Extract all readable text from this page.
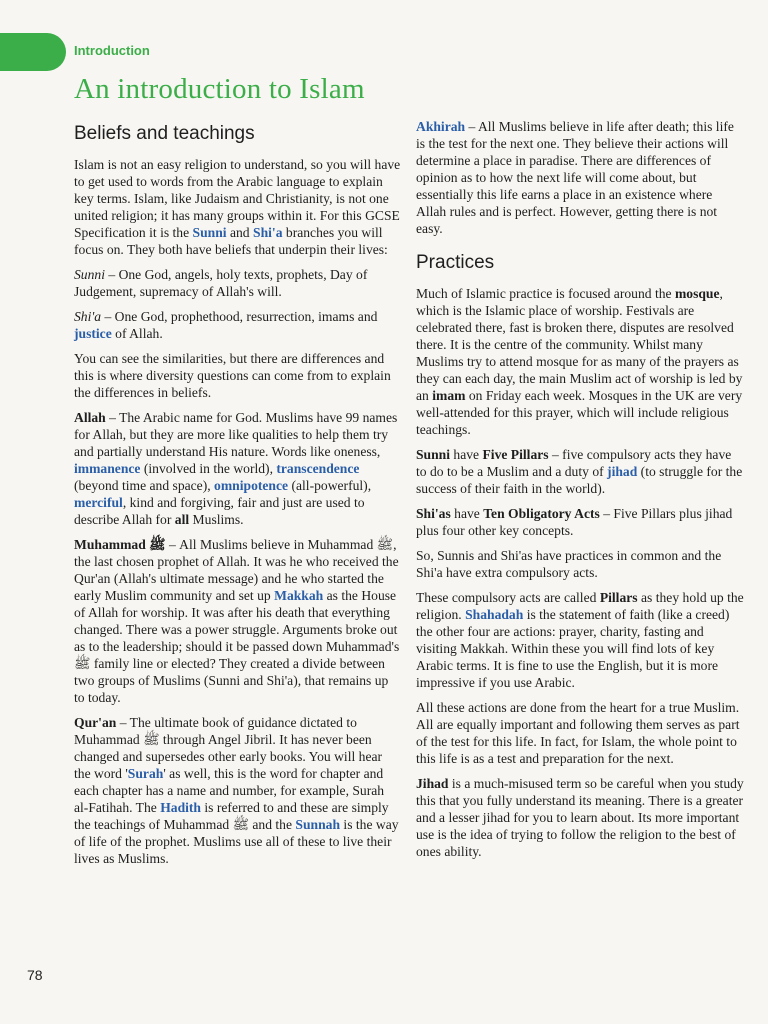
Introduction
An introduction to Islam
Beliefs and teachings

Islam is not an easy religion to understand, so you will have to get used to words from the Arabic language to explain key terms. Islam, like Judaism and Christianity, is not one united religion; it has many groups within it. For this GCSE Specification it is the Sunni and Shi'a branches you will focus on. They both have beliefs that underpin their lives:

Sunni – One God, angels, holy texts, prophets, Day of Judgement, supremacy of Allah's will.

Shi'a – One God, prophethood, resurrection, imams and justice of Allah.

You can see the similarities, but there are differences and this is where diversity questions can come from to explain the differences in beliefs.

Allah – The Arabic name for God. Muslims have 99 names for Allah, but they are more like qualities to help them try and partially understand His nature. Words like oneness, immanence (involved in the world), transcendence (beyond time and space), omnipotence (all-powerful), merciful, kind and forgiving, fair and just are used to describe Allah for all Muslims.

Muhammad ﷺ – All Muslims believe in Muhammad ﷺ, the last chosen prophet of Allah. It was he who received the Qur'an (Allah's ultimate message) and he who started the early Muslim community and set up Makkah as the House of Allah for worship. It was after his death that everything changed. There was a power struggle. Arguments broke out as to the leadership; should it be passed down Muhammad's ﷺ family line or elected? They created a divide between two groups of Muslims (Sunni and Shi'a), that remains up to today.

Qur'an – The ultimate book of guidance dictated to Muhammad ﷺ through Angel Jibril. It has never been changed and supersedes other early books. You will hear the word 'Surah' as well, this is the word for chapter and each chapter has a name and number, for example, Surah al-Fatihah. The Hadith is referred to and these are simply the teachings of Muhammad ﷺ and the Sunnah is the way of life of the prophet. Muslims use all of these to live their lives as Muslims.

Akhirah – All Muslims believe in life after death; this life is the test for the next one. They believe their actions will determine a place in paradise. There are differences of opinion as to how the next life will come about, but essentially this life earns a place in an existence where Allah rules and is perfect. However, getting there is not easy.

Practices

Much of Islamic practice is focused around the mosque, which is the Islamic place of worship. Festivals are celebrated there, fast is broken there, disputes are resolved there. It is the centre of the community. Whilst many Muslims try to attend mosque for as many of the prayers as they can each day, the main Muslim act of worship is led by an imam on Friday each week. Mosques in the UK are very well-attended for this prayer, which will include religious teachings.

Sunni have Five Pillars – five compulsory acts they have to do to be a Muslim and a duty of jihad (to struggle for the success of their faith in the world).

Shi'as have Ten Obligatory Acts – Five Pillars plus jihad plus four other key concepts.

So, Sunnis and Shi'as have practices in common and the Shi'a have extra compulsory acts.

These compulsory acts are called Pillars as they hold up the religion. Shahadah is the statement of faith (like a creed) the other four are actions: prayer, charity, fasting and visiting Makkah. Within these you will find lots of key Arabic terms. It is fine to use the English, but it is more impressive if you use Arabic.

All these actions are done from the heart for a true Muslim. All are equally important and following them serves as part of the test for this life. In fact, for Islam, the whole point to this life is as a test and preparation for the next.

Jihad is a much-misused term so be careful when you study this that you fully understand its meaning. There is a greater and a lesser jihad for you to learn about. Its more important use is the idea of trying to follow the religion to the best of ones ability.

78
